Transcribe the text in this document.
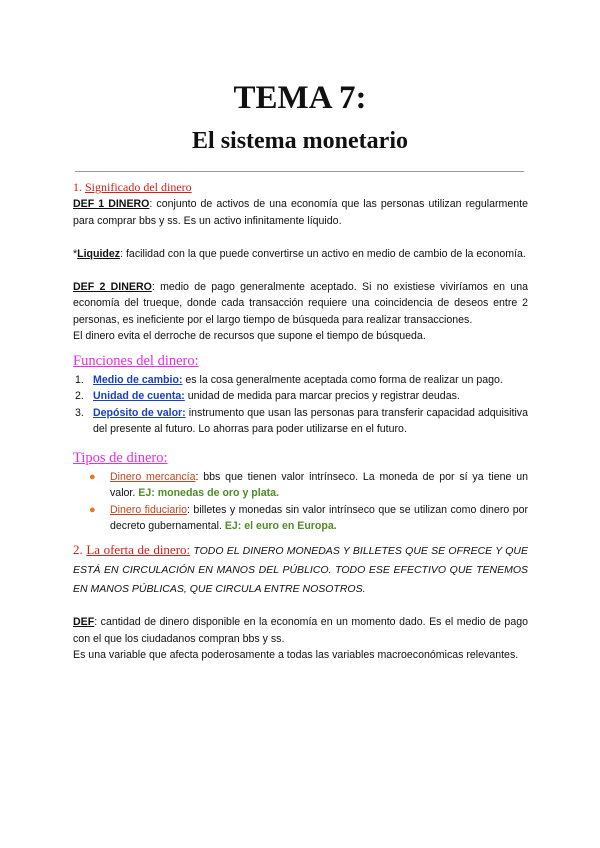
TEMA 7:
El sistema monetario
1. Significado del dinero

DEF 1 DINERO: conjunto de activos de una economía que las personas utilizan regularmente para comprar bbs y ss. Es un activo infinitamente líquido.

*Liquidez: facilidad con la que puede convertirse un activo en medio de cambio de la economía.

DEF 2 DINERO: medio de pago generalmente aceptado. Si no existiese viviríamos en una economía del trueque, donde cada transacción requiere una coincidencia de deseos entre 2 personas, es ineficiente por el largo tiempo de búsqueda para realizar transacciones.

El dinero evita el derroche de recursos que supone el tiempo de búsqueda.

Funciones del dinero:
1. Medio de cambio: es la cosa generalmente aceptada como forma de realizar un pago.
2. Unidad de cuenta: unidad de medida para marcar precios y registrar deudas.
3. Depósito de valor: instrumento que usan las personas para transferir capacidad adquisitiva del presente al futuro. Lo ahorras para poder utilizarse en el futuro.
Tipos de dinero:
● Dinero mercancía: bbs que tienen valor intrínseco. La moneda de por sí ya tiene un valor. EJ: monedas de oro y plata.
● Dinero fiduciario: billetes y monedas sin valor intrínseco que se utilizan como dinero por decreto gubernamental. EJ: el euro en Europa.

2. La oferta de dinero: TODO EL DINERO MONEDAS Y BILLETES QUE SE OFRECE Y QUE ESTÁ EN CIRCULACIÓN EN MANOS DEL PÚBLICO. TODO ESE EFECTIVO QUE TENEMOS EN MANOS PÚBLICAS, QUE CIRCULA ENTRE NOSOTROS.

DEF: cantidad de dinero disponible en la economía en un momento dado. Es el medio de pago con el que los ciudadanos compran bbs y ss.

Es una variable que afecta poderosamente a todas las variables macroeconómicas relevantes.
